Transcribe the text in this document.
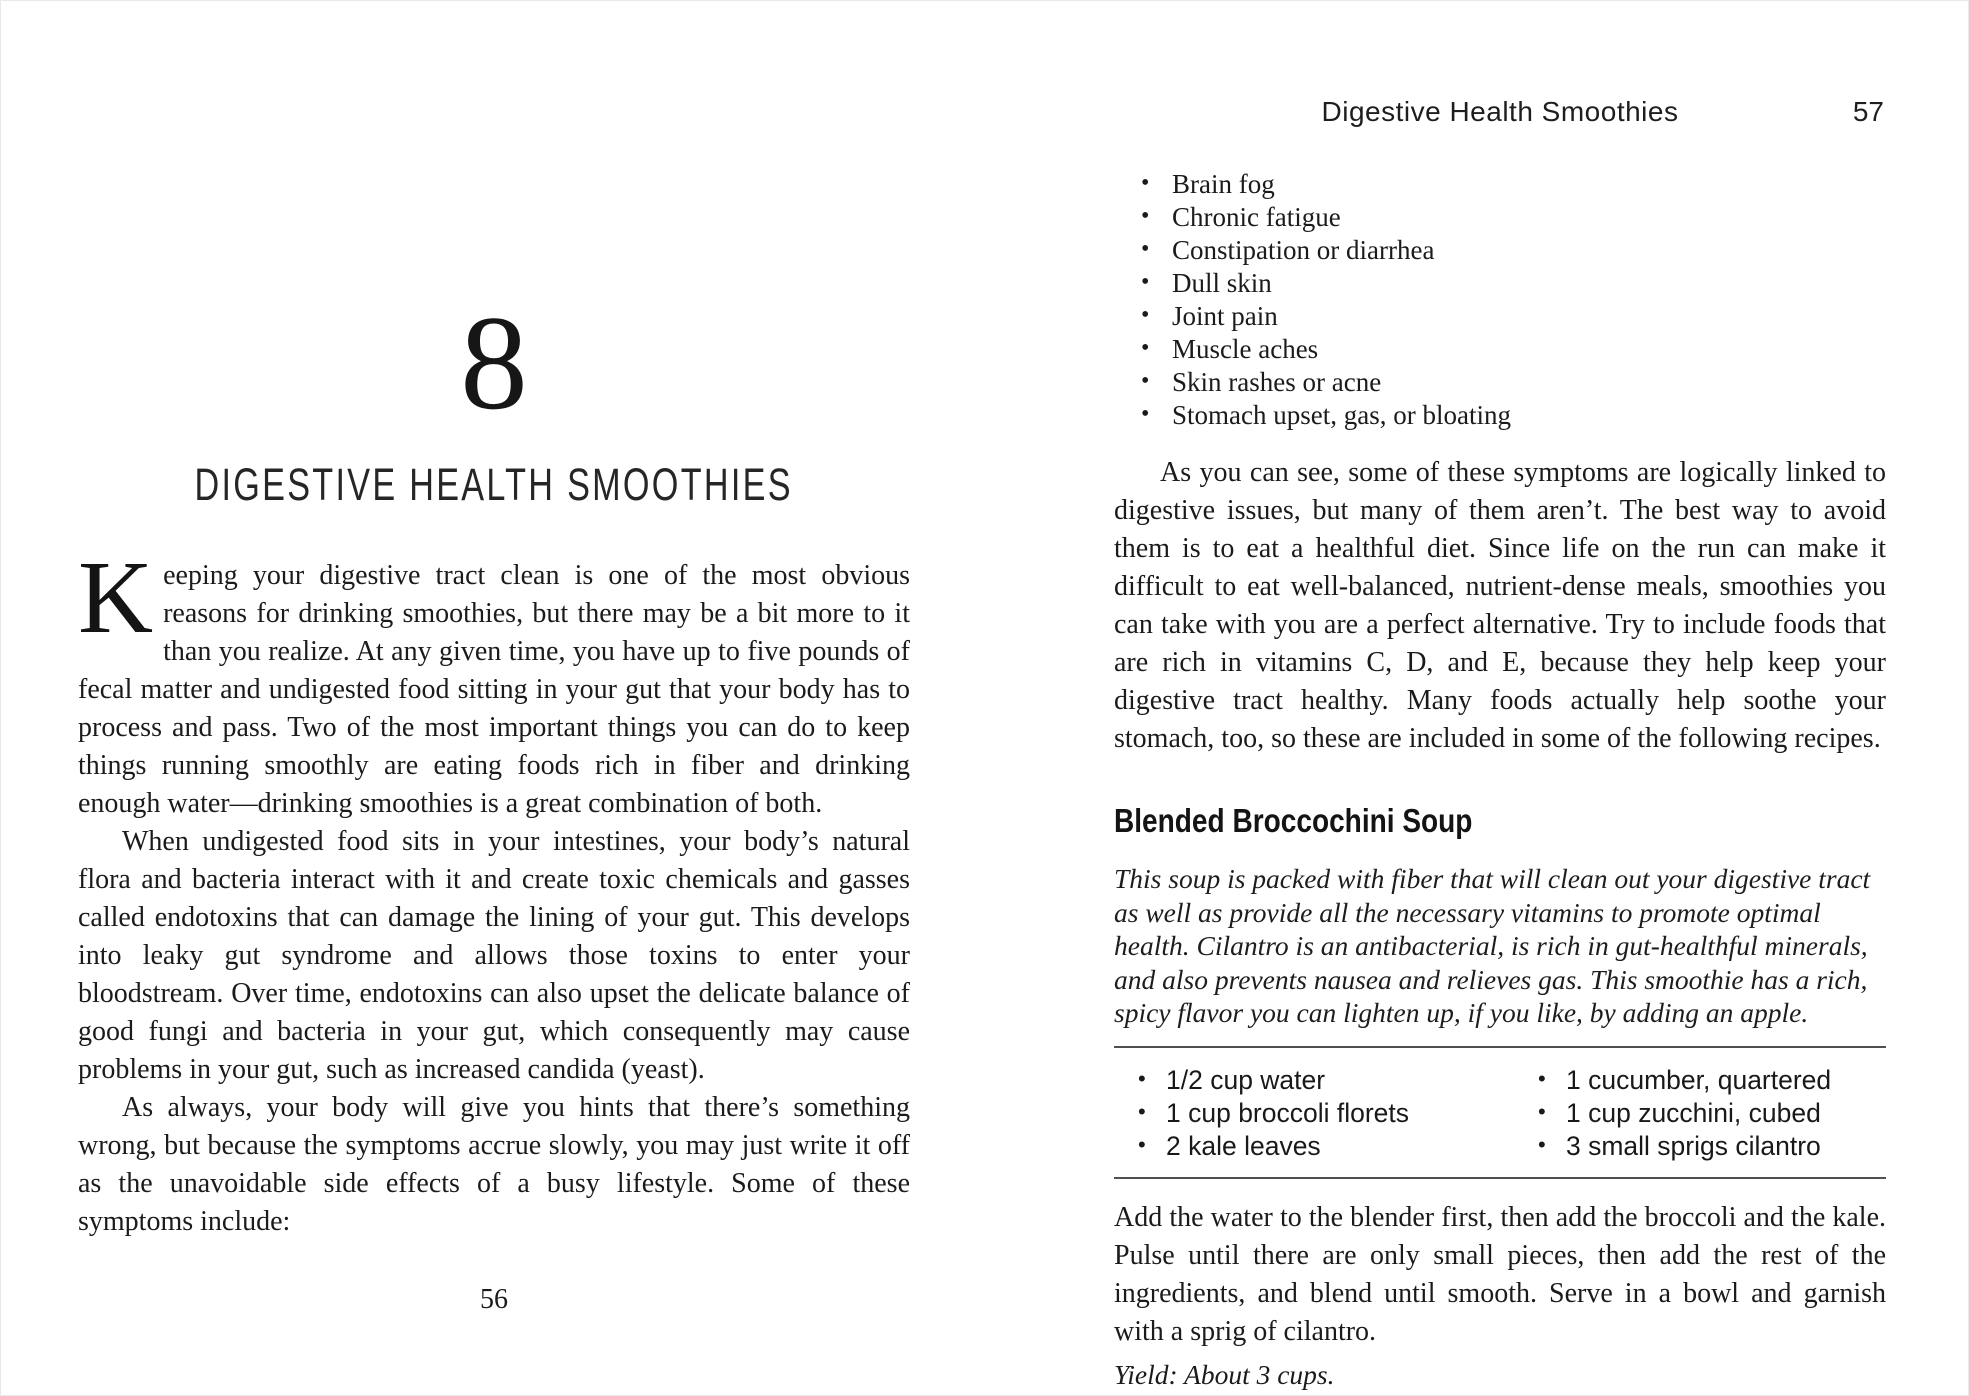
8
DIGESTIVE HEALTH SMOOTHIES

Keeping your digestive tract clean is one of the most obvious reasons for drinking smoothies, but there may be a bit more to it than you realize. At any given time, you have up to five pounds of fecal matter and undigested food sitting in your gut that your body has to process and pass. Two of the most important things you can do to keep things running smoothly are eating foods rich in fiber and drinking enough water—drinking smoothies is a great combination of both.

When undigested food sits in your intestines, your body’s natural flora and bacteria interact with it and create toxic chemicals and gasses called endotoxins that can damage the lining of your gut. This develops into leaky gut syndrome and allows those toxins to enter your bloodstream. Over time, endotoxins can also upset the delicate balance of good fungi and bacteria in your gut, which consequently may cause problems in your gut, such as increased candida (yeast).

As always, your body will give you hints that there’s something wrong, but because the symptoms accrue slowly, you may just write it off as the unavoidable side effects of a busy lifestyle. Some of these symptoms include:

56
Digestive Health Smoothies	57
• Brain fog
• Chronic fatigue
• Constipation or diarrhea
• Dull skin
• Joint pain
• Muscle aches
• Skin rashes or acne
• Stomach upset, gas, or bloating

As you can see, some of these symptoms are logically linked to digestive issues, but many of them aren’t. The best way to avoid them is to eat a healthful diet. Since life on the run can make it difficult to eat well-balanced, nutrient-dense meals, smoothies you can take with you are a perfect alternative. Try to include foods that are rich in vitamins C, D, and E, because they help keep your digestive tract healthy. Many foods actually help soothe your stomach, too, so these are included in some of the following recipes.

Blended Broccochini Soup

This soup is packed with fiber that will clean out your digestive tract as well as provide all the necessary vitamins to promote optimal health. Cilantro is an antibacterial, is rich in gut-healthful minerals, and also prevents nausea and relieves gas. This smoothie has a rich, spicy flavor you can lighten up, if you like, by adding an apple.

• 1/2 cup water
• 1 cup broccoli florets
• 2 kale leaves
• 1 cucumber, quartered
• 1 cup zucchini, cubed
• 3 small sprigs cilantro

Add the water to the blender first, then add the broccoli and the kale. Pulse until there are only small pieces, then add the rest of the ingredients, and blend until smooth. Serve in a bowl and garnish with a sprig of cilantro.

Yield: About 3 cups.
